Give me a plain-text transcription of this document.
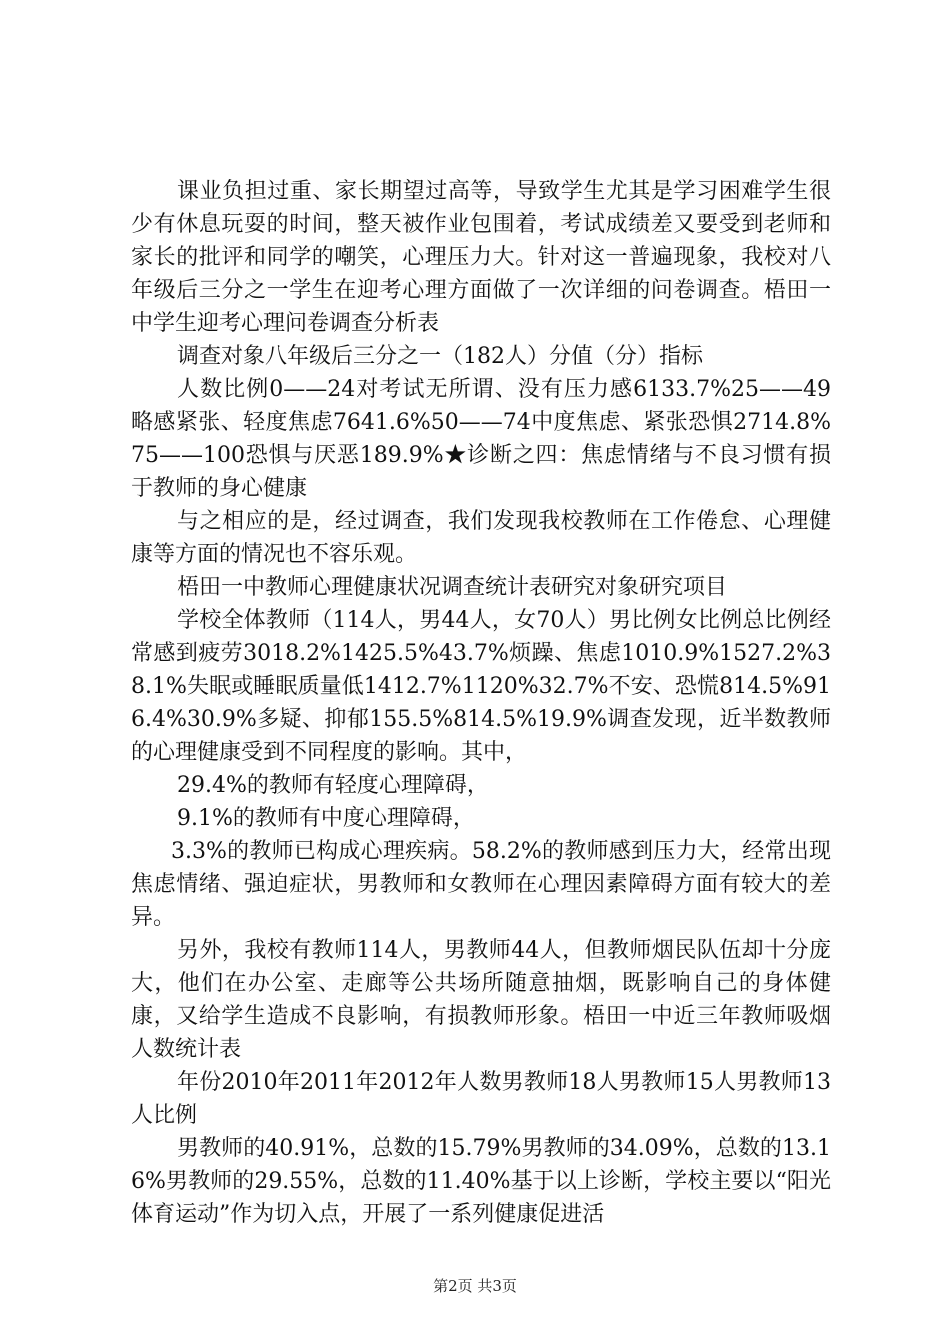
课业负担过重、家长期望过高等，导致学生尤其是学习困难学生很少有休息玩耍的时间，整天被作业包围着，考试成绩差又要受到老师和家长的批评和同学的嘲笑，心理压力大。针对这一普遍现象，我校对八年级后三分之一学生在迎考心理方面做了一次详细的问卷调查。梧田一中学生迎考心理问卷调查分析表

调查对象八年级后三分之一（182人）分值（分）指标

人数比例0——24对考试无所谓、没有压力感6133.7%25——49略感紧张、轻度焦虑7641.6%50——74中度焦虑、紧张恐惧2714.8%75——100恐惧与厌恶189.9%★诊断之四：焦虑情绪与不良习惯有损于教师的身心健康

与之相应的是，经过调查，我们发现我校教师在工作倦怠、心理健康等方面的情况也不容乐观。

梧田一中教师心理健康状况调查统计表研究对象研究项目

学校全体教师（114人，男44人，女70人）男比例女比例总比例经常感到疲劳3018.2%1425.5%43.7%烦躁、焦虑1010.9%1527.2%38.1%失眠或睡眠质量低1412.7%1120%32.7%不安、恐慌814.5%916.4%30.9%多疑、抑郁155.5%814.5%19.9%调查发现，近半数教师的心理健康受到不同程度的影响。其中，

29.4%的教师有轻度心理障碍，

9.1%的教师有中度心理障碍，

3.3%的教师已构成心理疾病。58.2%的教师感到压力大，经常出现焦虑情绪、强迫症状，男教师和女教师在心理因素障碍方面有较大的差异。

另外，我校有教师114人，男教师44人，但教师烟民队伍却十分庞大，他们在办公室、走廊等公共场所随意抽烟，既影响自己的身体健康，又给学生造成不良影响，有损教师形象。梧田一中近三年教师吸烟人数统计表

年份2010年2011年2012年人数男教师18人男教师15人男教师13人比例

男教师的40.91%，总数的15.79%男教师的34.09%，总数的13.16%男教师的29.55%，总数的11.40%基于以上诊断，学校主要以“阳光体育运动”作为切入点，开展了一系列健康促进活

第2页 共3页
